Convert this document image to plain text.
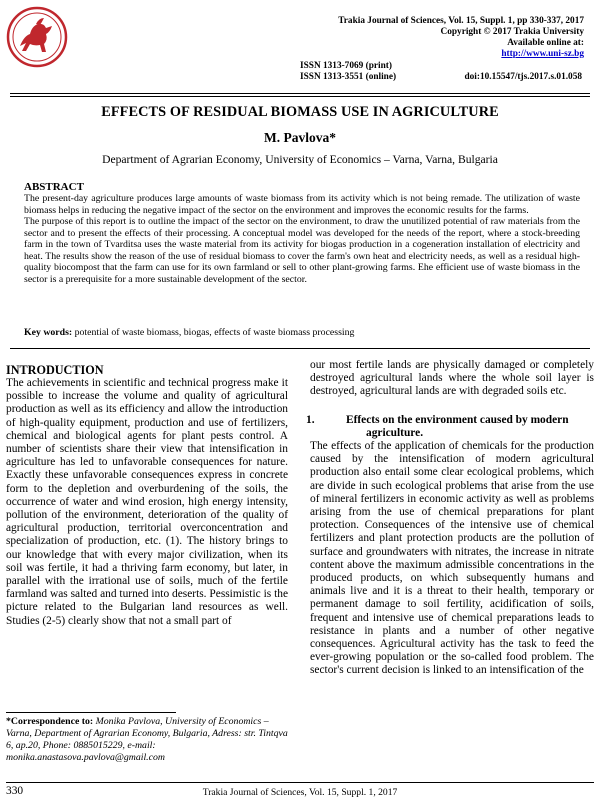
Trakia Journal of Sciences, Vol. 15, Suppl. 1, pp 330-337, 2017
Copyright © 2017 Trakia University
Available online at:
http://www.uni-sz.bg
ISSN 1313-7069 (print)
ISSN 1313-3551 (online)	doi:10.15547/tjs.2017.s.01.058
EFFECTS OF RESIDUAL BIOMASS USE IN AGRICULTURE
M. Pavlova*
Department of Agrarian Economy, University of Economics – Varna, Varna, Bulgaria
ABSTRACT

The present-day agriculture produces large amounts of waste biomass from its activity which is not being remade. The utilization of waste biomass helps in reducing the negative impact of the sector on the environment and improves the economic results for the farms.

The purpose of this report is to outline the impact of the sector on the environment, to draw the unutilized potential of raw materials from the sector and to present the effects of their processing. A conceptual model was developed for the needs of the report, where a stock-breeding farm in the town of Tvarditsa uses the waste material from its activity for biogas production in a cogeneration installation of electricity and heat. The results show the reason of the use of residual biomass to cover the farm's own heat and electricity needs, as well as a residual high-quality biocompost that the farm can use for its own farmland or sell to other plant-growing farms. Ehe efficient use of waste biomass in the sector is a prerequisite for a more sustainable development of the sector.

Key words: potential of waste biomass, biogas, effects of waste biomass processing
INTRODUCTION

The achievements in scientific and technical progress make it possible to increase the volume and quality of agricultural production as well as its efficiency and allow the introduction of high-quality equipment, production and use of fertilizers, chemical and biological agents for plant pests control. A number of scientists share their view that intensification in agriculture has led to unfavorable consequences for nature. Exactly these unfavorable consequences express in concrete form to the depletion and overburdening of the soils, the occurrence of water and wind erosion, high energy intensity, pollution of the environment, deterioration of the quality of agricultural production, territorial overconcentration and specialization of production, etc. (1). The history brings to our knowledge that with every major civilization, when its soil was fertile, it had a thriving farm economy, but later, in parallel with the irrational use of soils, much of the fertile farmland was salted and turned into deserts. Pessimistic is the picture related to the Bulgarian land resources as well. Studies (2-5) clearly show that not a small part of

*Correspondence to: Monika Pavlova, University of Economics – Varna, Department of Agrarian Economy, Bulgaria, Adress: str. Tintqva 6, ap.20, Phone: 0885015229, e-mail: monika.anastasova.pavlova@gmail.com

our most fertile lands are physically damaged or completely destroyed agricultural lands where the whole soil layer is destroyed, agricultural lands are with degraded soils etc.

1.	Effects on the environment caused by modern agriculture.

The effects of the application of chemicals for the production caused by the intensification of modern agricultural production also entail some clear ecological problems, which are divide in such ecological problems that arise from the use of mineral fertilizers in economic activity as well as problems arising from the use of chemical preparations for plant protection. Consequences of the intensive use of chemical fertilizers and plant protection products are the pollution of surface and groundwaters with nitrates, the increase in nitrate content above the maximum admissible concentrations in the produced products, on which subsequently humans and animals live and it is a threat to their health, temporary or permanent damage to soil fertility, acidification of soils, frequent and intensive use of chemical preparations leads to resistance in plants and a number of other negative consequences. Agricultural activity has the task to feed the ever-growing population or the so-called food problem. The sector's current decision is linked to an intensification of the

330	Trakia Journal of Sciences, Vol. 15, Suppl. 1, 2017
